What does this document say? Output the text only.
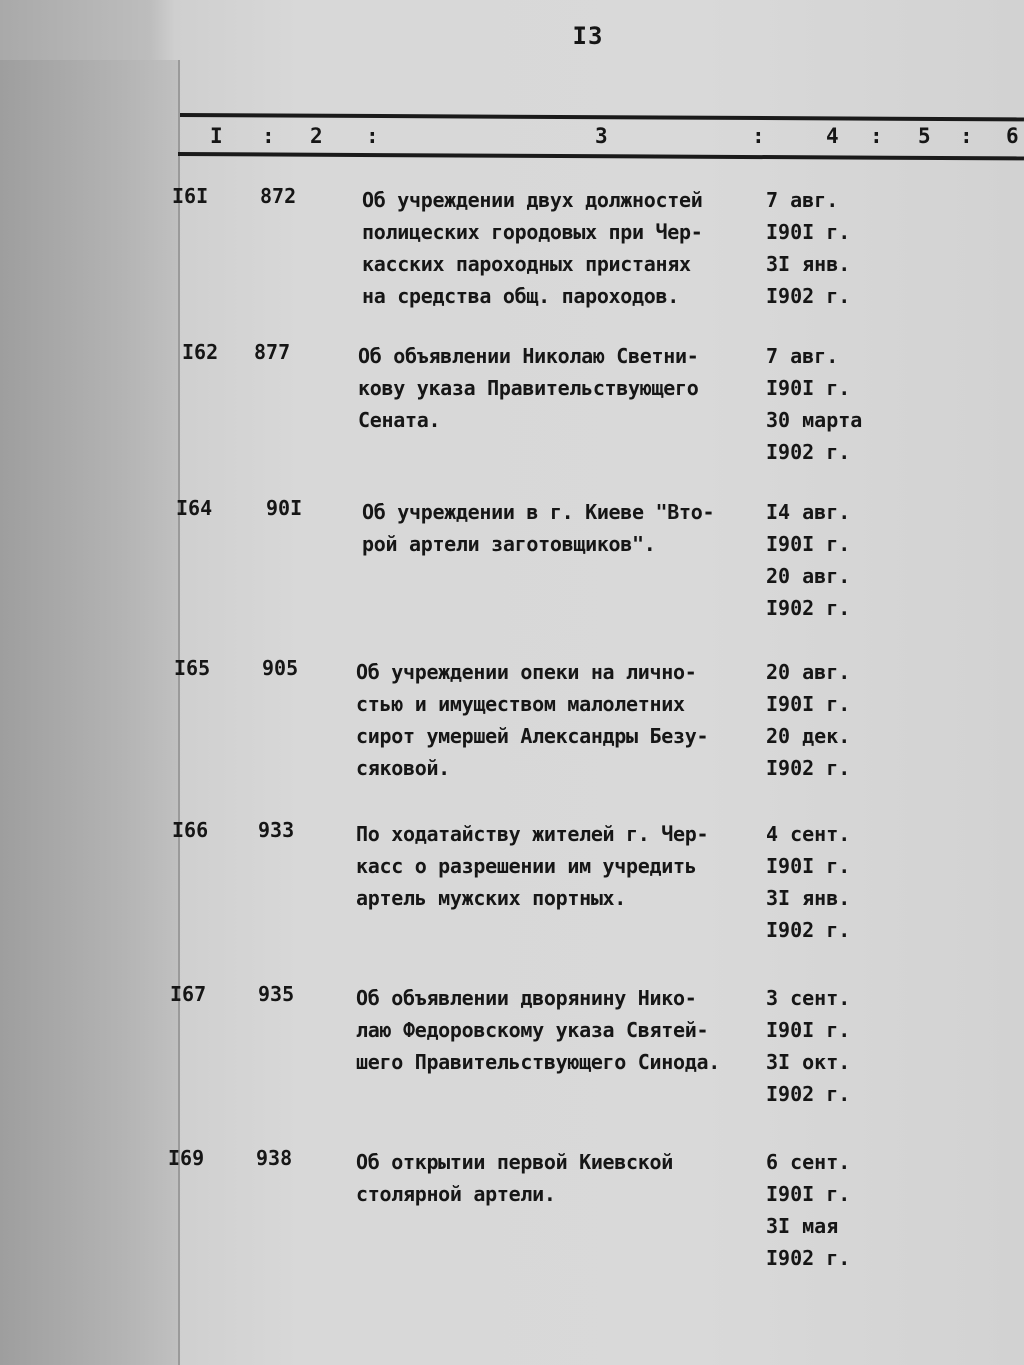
I3
I : 2 :	3	:	4 : 5 : 6
I6I	872	Об учреждении двух должностей
полицеских городовых при Чер-
касских пароходных пристанях
на средства общ. пароходов.
7 авг.
I90I г.
3I янв.
I902 г.
I62	877	Об объявлении Николаю Светни-
кову указа Правительствующего
Сената.
7 авг.
I90I г.
30 марта
I902 г.
I64	90I	Об учреждении в г. Киеве "Вто-
рой артели заготовщиков".
I4 авг.
I90I г.
20 авг.
I902 г.
I65	905	Об учреждении опеки на лично-
стью и имуществом малолетних
сирот умершей Александры Безу-
сяковой.
20 авг.
I90I г.
20 дек.
I902 г.
I66	933	По ходатайству жителей г. Чер-
касс о разрешении им учредить
артель мужских портных.
4 сент.
I90I г.
3I янв.
I902 г.
I67	935	Об объявлении дворянину Нико-
лаю Федоровскому указа Святей-
шего Правительствующего Синода.
3 сент.
I90I г.
3I окт.
I902 г.
I69	938	Об открытии первой Киевской
столярной артели.
6 сент.
I90I г.
3I мая
I902 г.
